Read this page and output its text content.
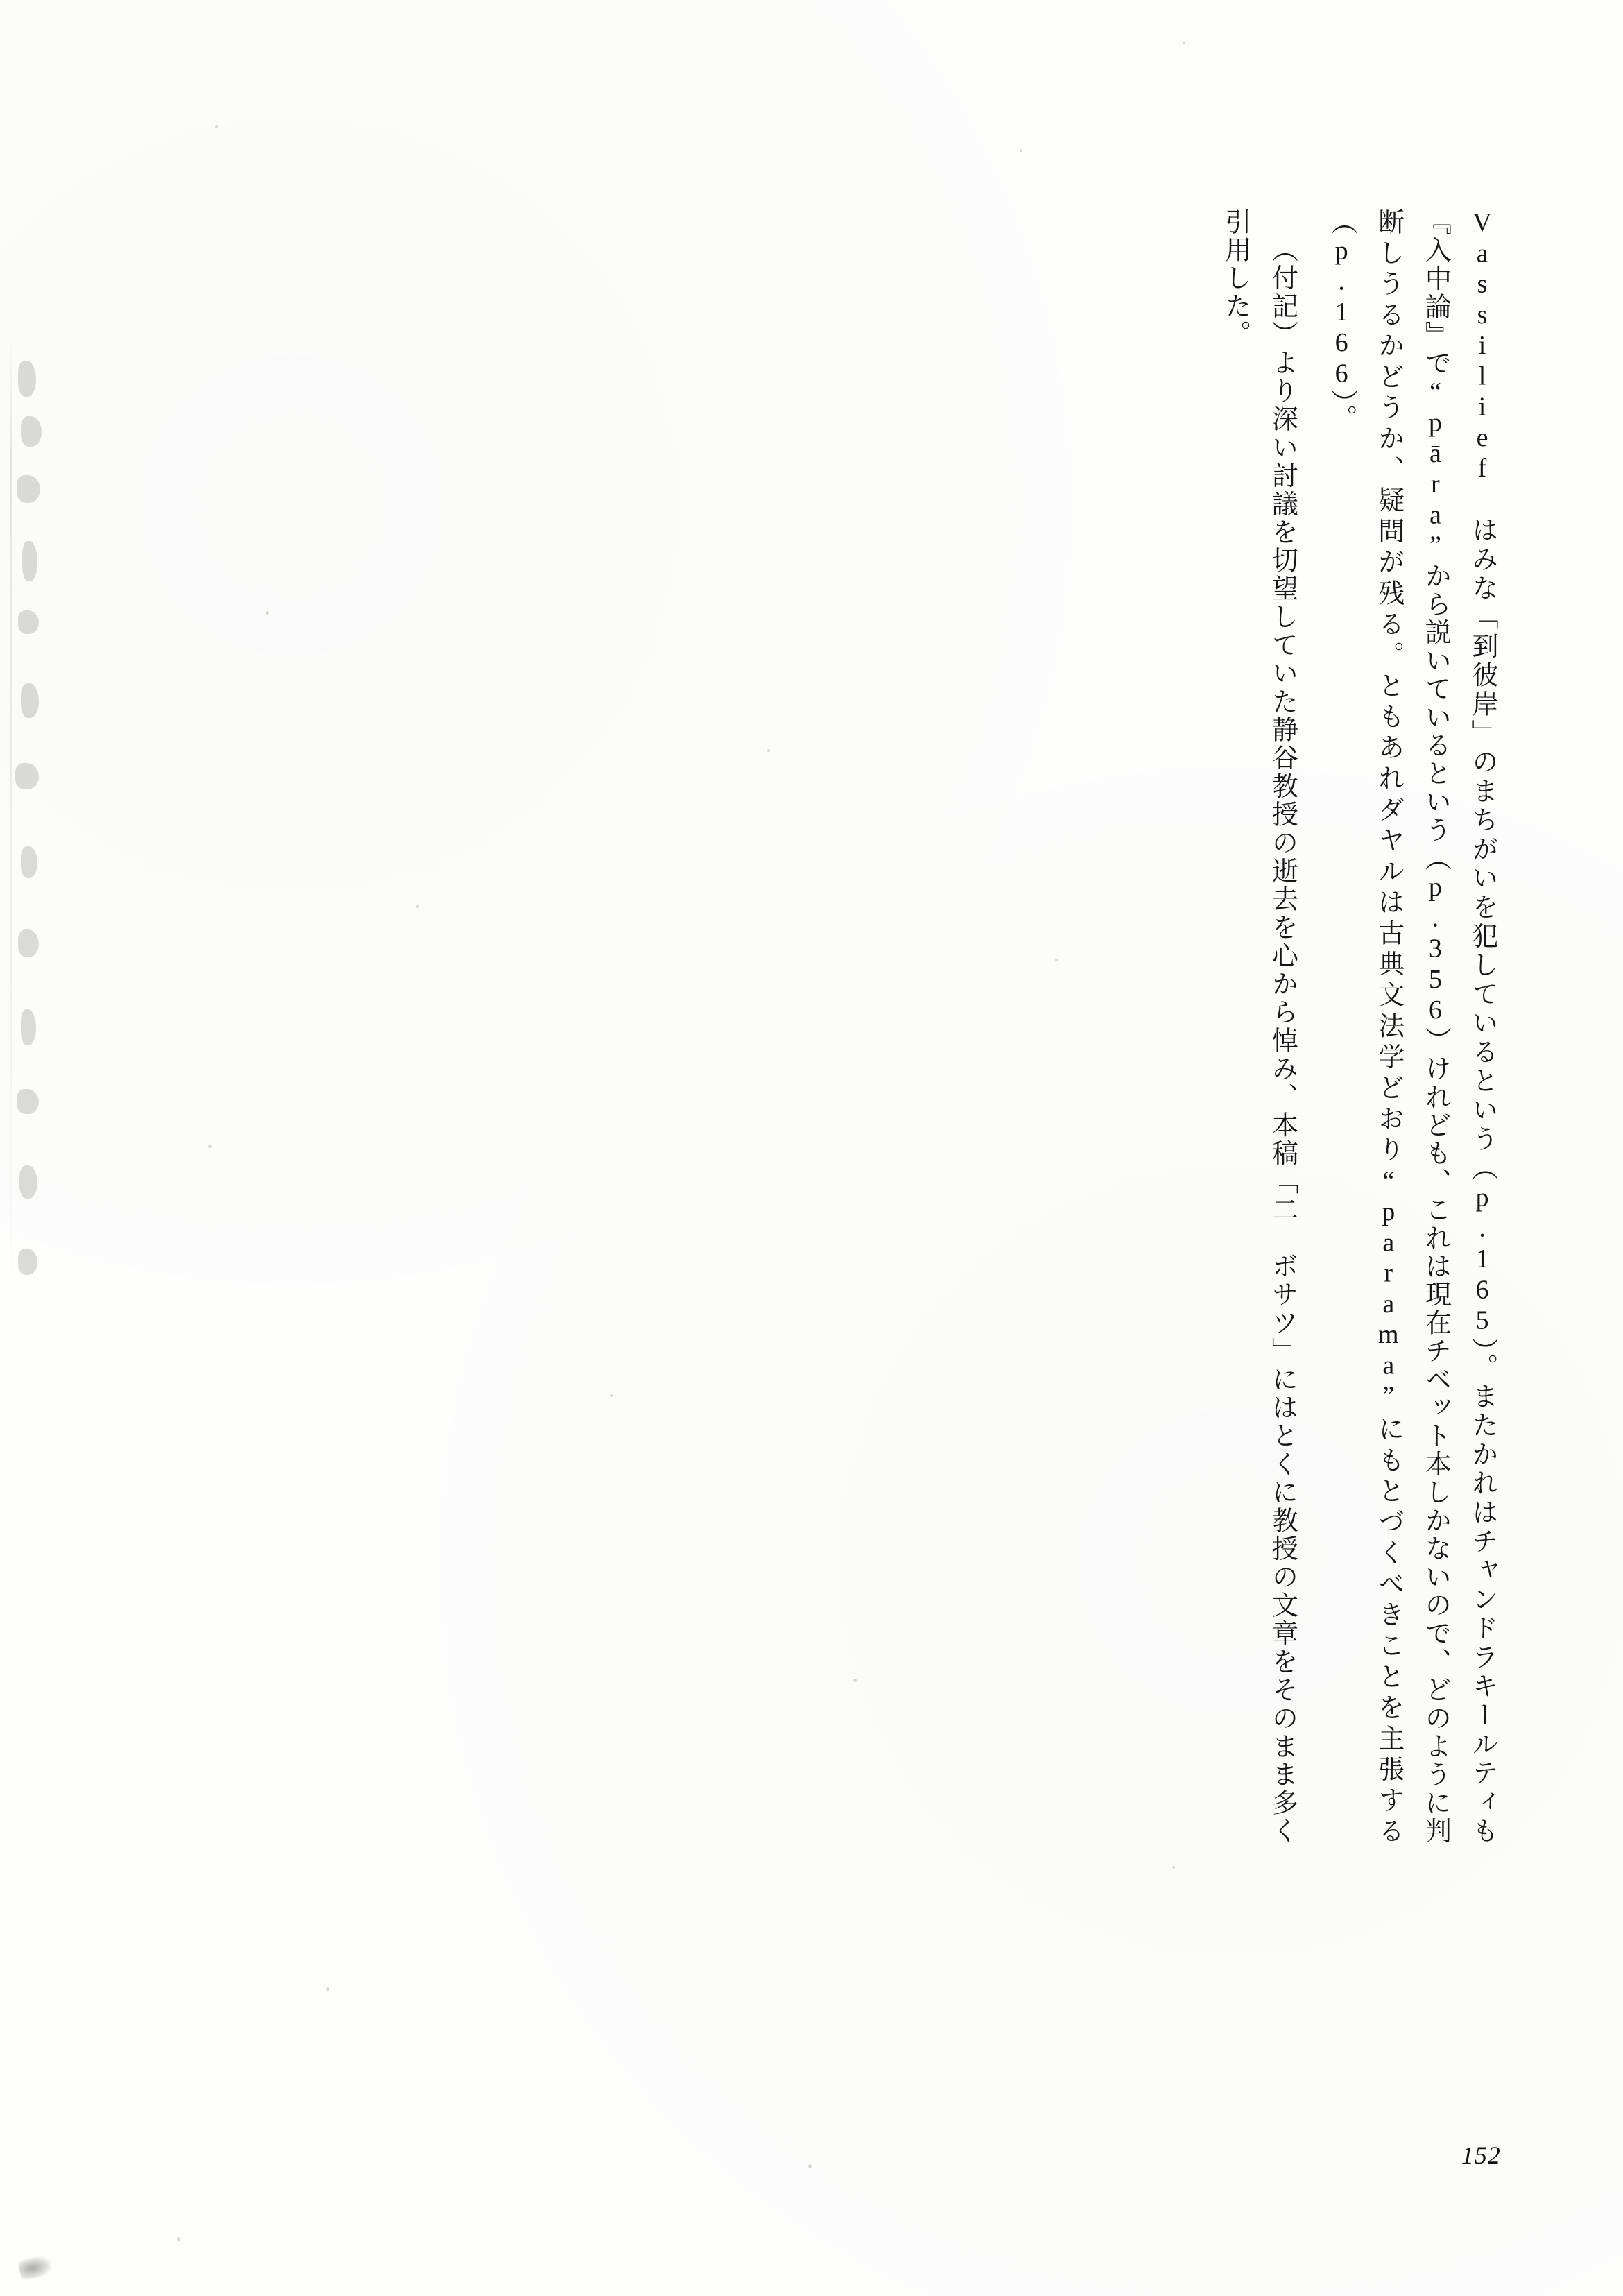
Vassilief はみな「到彼岸」のまちがいを犯しているという（p.165）。またかれはチャンドラキールティも『入中論』で“pāra”から説いているという（p.356）けれども、これは現在チベット本しかないので、どのように判断しうるかどうか、疑問が残る。ともあれダヤルは古典文法学どおり“parama”にもとづくべきことを主張する（p.166）。

（付記）より深い討議を切望していた静谷教授の逝去を心から悼み、本稿「二　ボサツ」にはとくに教授の文章をそのまま多く引用した。

152
